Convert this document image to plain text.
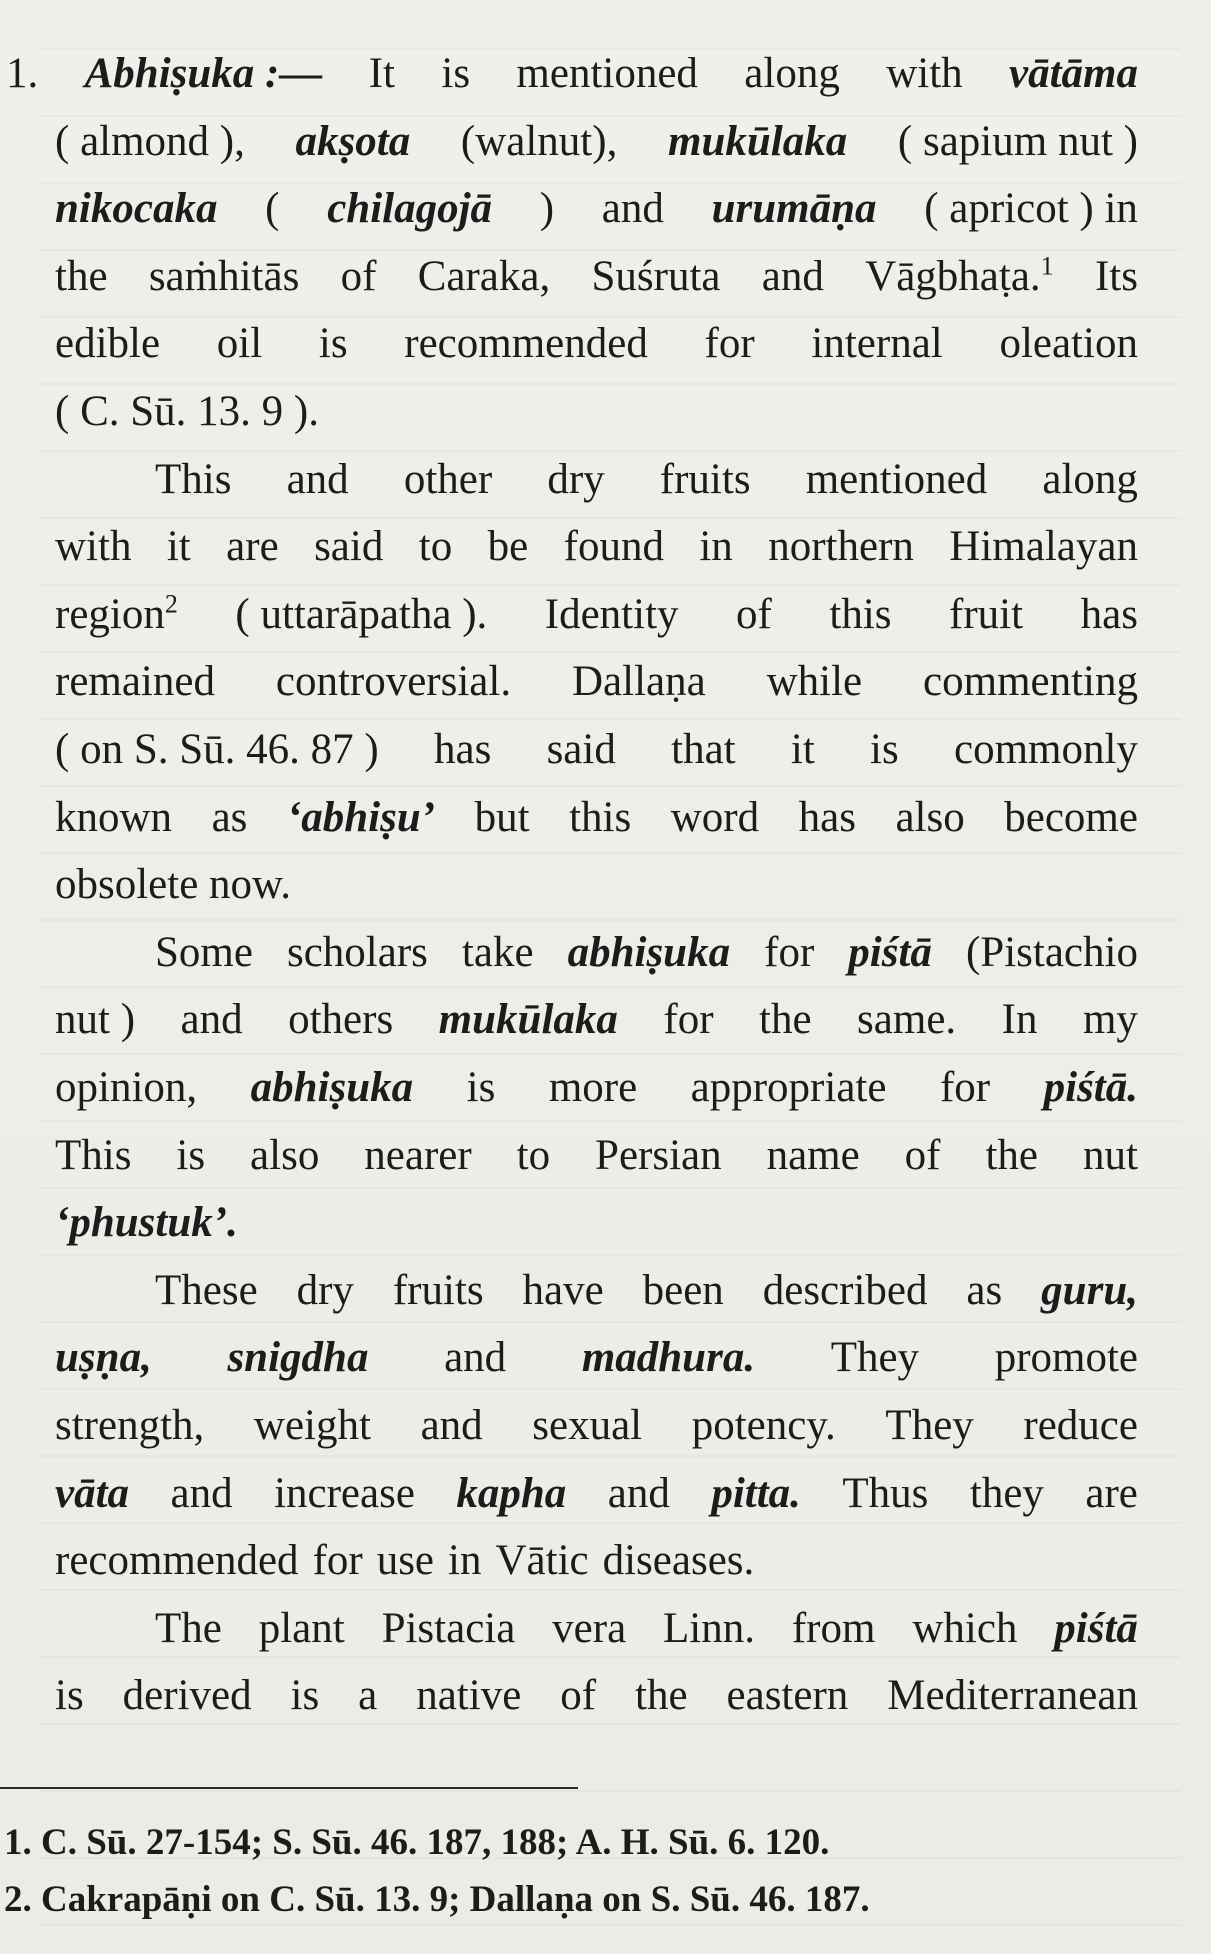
1. Abhiṣuka :— It is mentioned along with vātāma
( almond ), akṣota (walnut), mukūlaka ( sapium nut )
nikocaka ( chilagojā ) and urumāṇa ( apricot ) in
the saṁhitās of Caraka, Suśruta and Vāgbhaṭa.$^1$ Its
edible oil is recommended for internal oleation
( C. Sū. 13. 9 ).
This and other dry fruits mentioned along
with it are said to be found in northern Himalayan
region$^2$ ( uttarāpatha ). Identity of this fruit has
remained controversial. Dallaṇa while commenting
( on S. Sū. 46. 87 ) has said that it is commonly
known as ‘abhiṣu’ but this word has also become
obsolete now.
Some scholars take abhiṣuka for piśtā (Pistachio
nut ) and others mukūlaka for the same. In my
opinion, abhiṣuka is more appropriate for piśtā.
This is also nearer to Persian name of the nut
‘phustuk’.
These dry fruits have been described as guru,
uṣṇa, snigdha and madhura. They promote
strength, weight and sexual potency. They reduce
vāta and increase kapha and pitta. Thus they are
recommended for use in Vātic diseases.
The plant Pistacia vera Linn. from which piśtā
is derived is a native of the eastern Mediterranean
1. C. Sū. 27-154; S. Sū. 46. 187, 188; A. H. Sū. 6. 120.
2. Cakrapāṇi on C. Sū. 13. 9; Dallaṇa on S. Sū. 46. 187.
